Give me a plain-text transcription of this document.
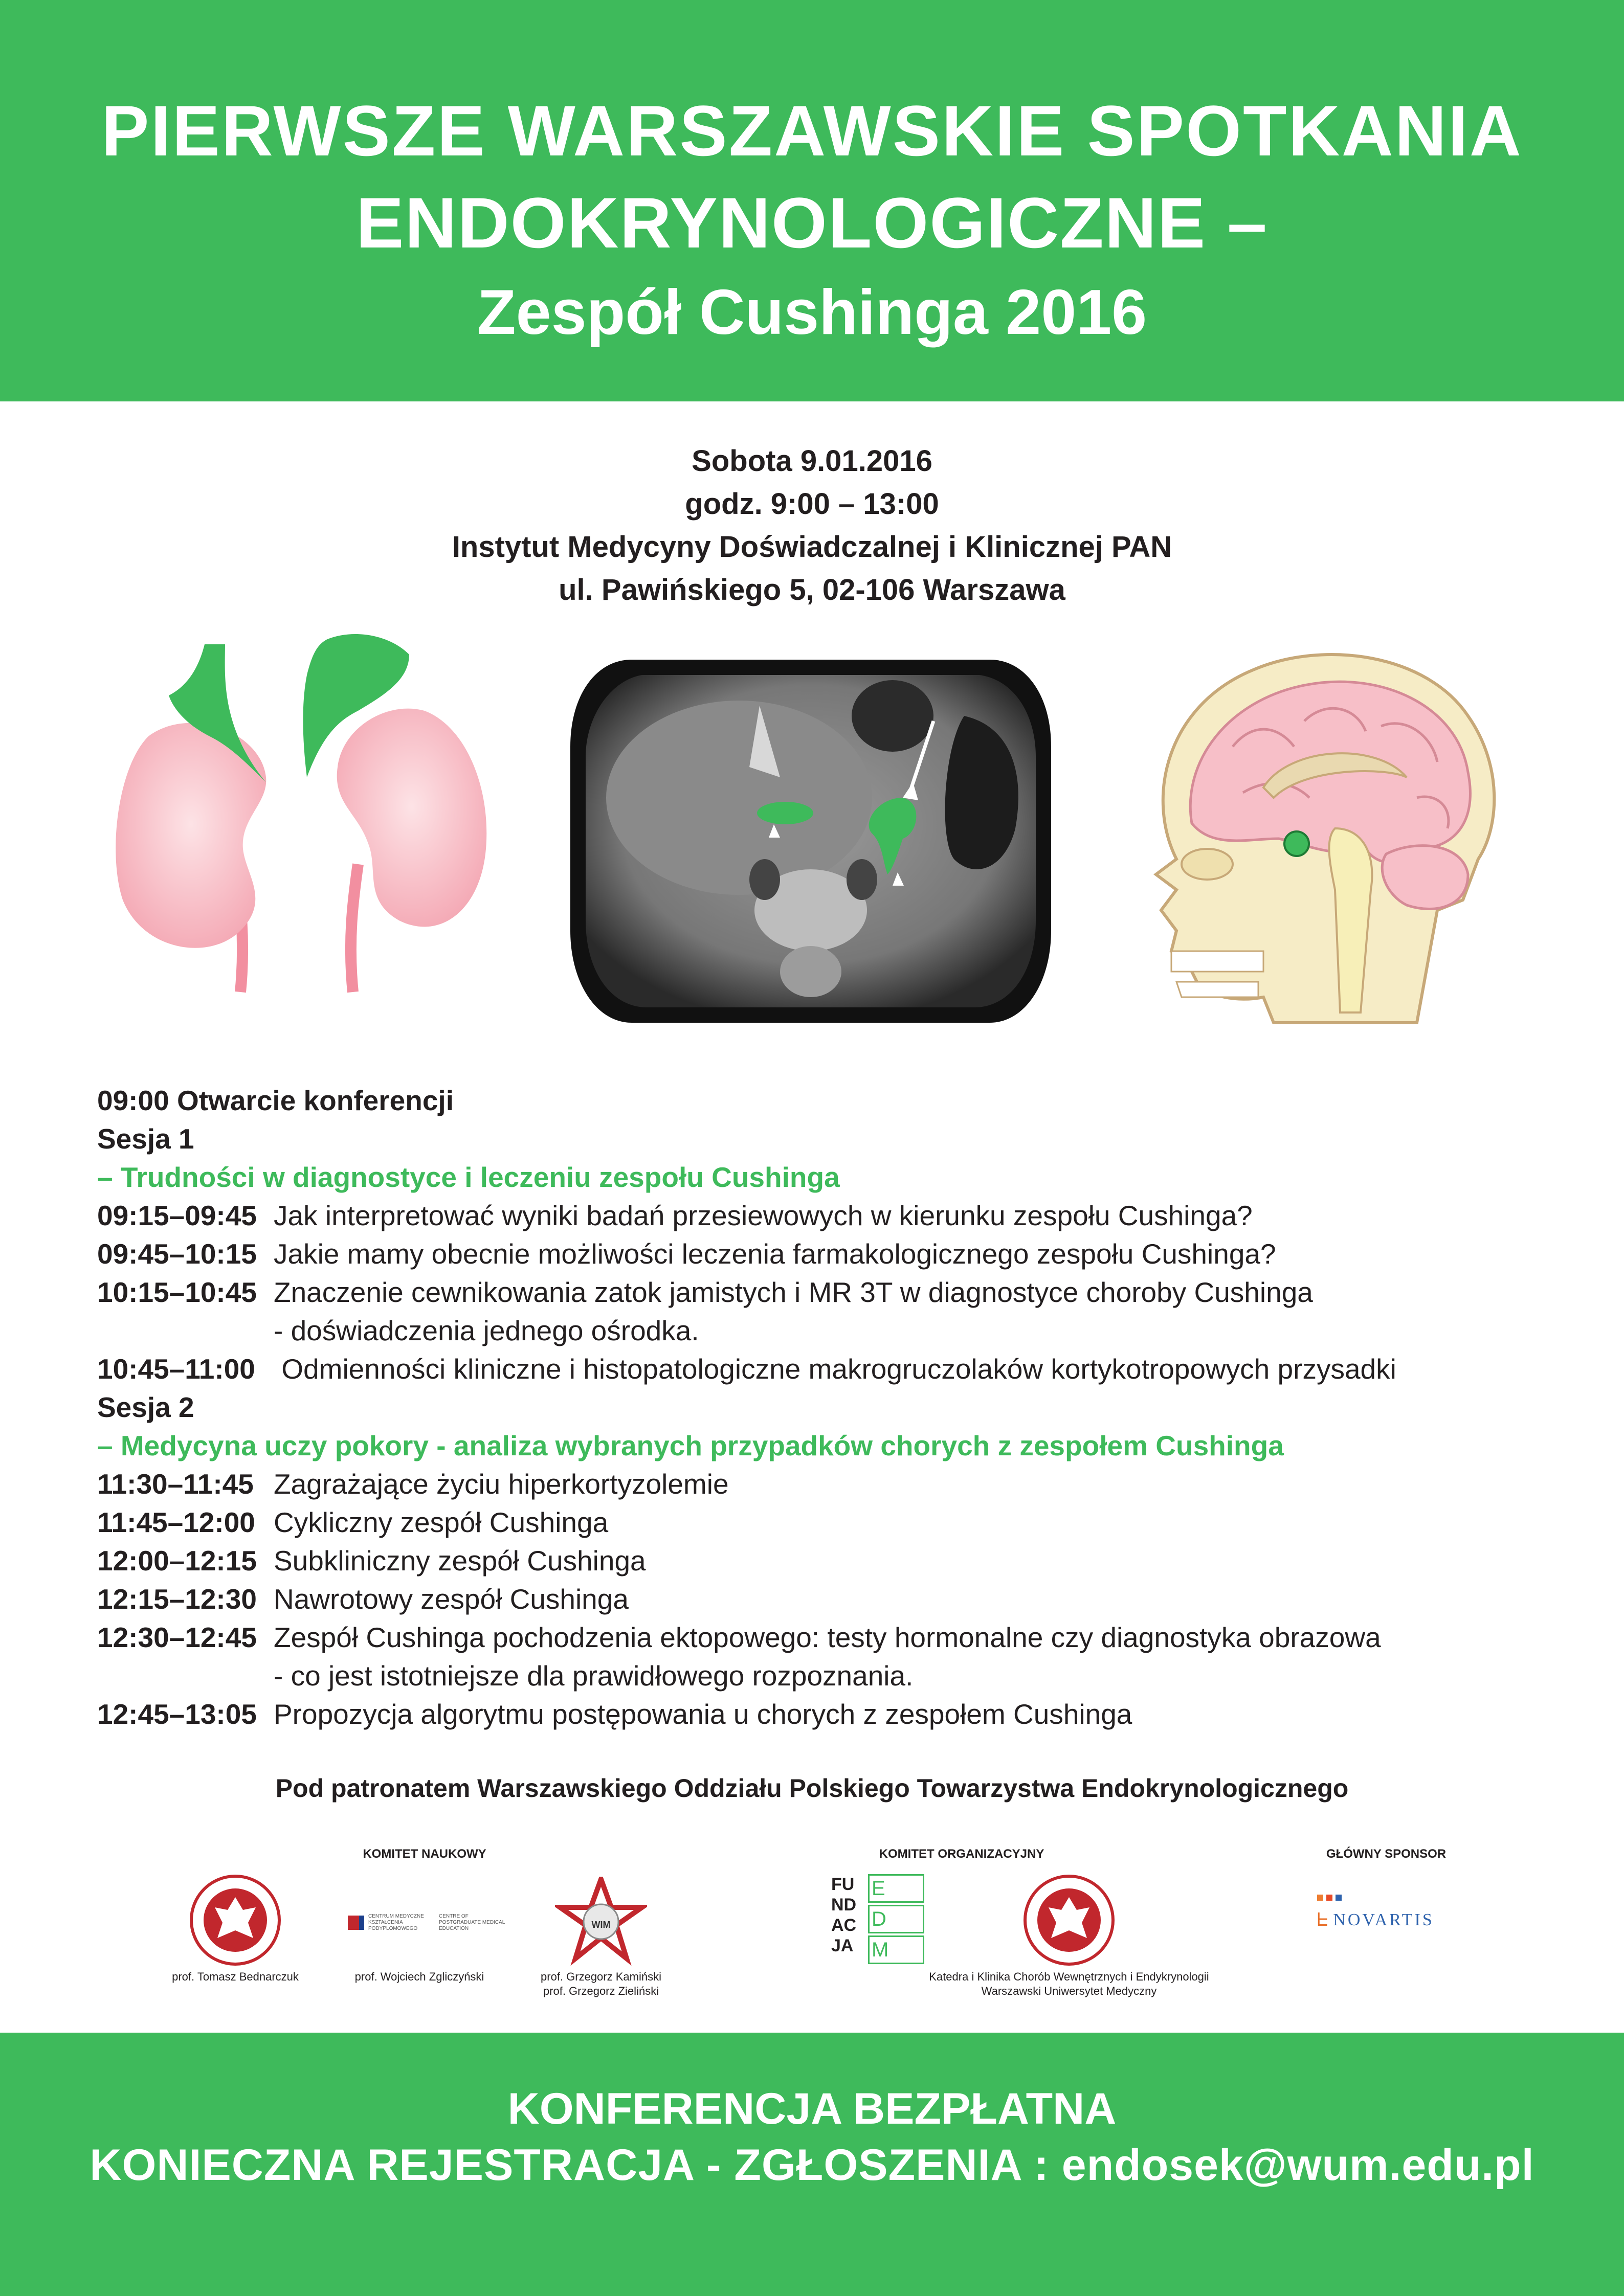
PIERWSZE WARSZAWSKIE SPOTKANIA
ENDOKRYNOLOGICZNE –
Zespół Cushinga 2016
Sobota 9.01.2016
godz. 9:00 – 13:00
Instytut Medycyny Doświadczalnej i Klinicznej PAN
ul. Pawińskiego 5, 02-106 Warszawa
09:00 Otwarcie konferencji
Sesja 1
– Trudności w diagnostyce i leczeniu zespołu Cushinga
09:15–09:45 Jak interpretować wyniki badań przesiewowych w kierunku zespołu Cushinga?
09:45–10:15 Jakie mamy obecnie możliwości leczenia farmakologicznego zespołu Cushinga?
10:15–10:45 Znaczenie cewnikowania zatok jamistych i MR 3T w diagnostyce choroby Cushinga
- doświadczenia jednego ośrodka.
10:45–11:00 Odmienności kliniczne i histopatologiczne makrogruczolaków kortykotropowych przysadki
Sesja 2
– Medycyna uczy pokory - analiza wybranych przypadków chorych z zespołem Cushinga
11:30–11:45 Zagrażające życiu hiperkortyzolemie
11:45–12:00 Cykliczny zespół Cushinga
12:00–12:15 Subkliniczny zespół Cushinga
12:15–12:30 Nawrotowy zespół Cushinga
12:30–12:45 Zespół Cushinga pochodzenia ektopowego: testy hormonalne czy diagnostyka obrazowa
- co jest istotniejsze dla prawidłowego rozpoznania.
12:45–13:05 Propozycja algorytmu postępowania u chorych z zespołem Cushinga
Pod patronatem Warszawskiego Oddziału Polskiego Towarzystwa Endokrynologicznego
KOMITET NAUKOWY	KOMITET ORGANIZACYJNY	GŁÓWNY SPONSOR
prof. Tomasz Bednarczuk
CENTRUM MEDYCZNE KSZTAŁCENIA PODYPLOMOWEGO
CENTRE OF POSTGRADUATE MEDICAL EDUCATION
prof. Wojciech Zgliczyński
WIM
prof. Grzegorz Kamiński
prof. Grzegorz Zieliński
FU
ND
AC
JA
E
D
M
Katedra i Klinika Chorób Wewnętrznych i Endykrynologii
Warszawski Uniwersytet Medyczny
ᖶ NOVARTIS
KONFERENCJA BEZPŁATNA
KONIECZNA REJESTRACJA - ZGŁOSZENIA : endosek@wum.edu.pl
